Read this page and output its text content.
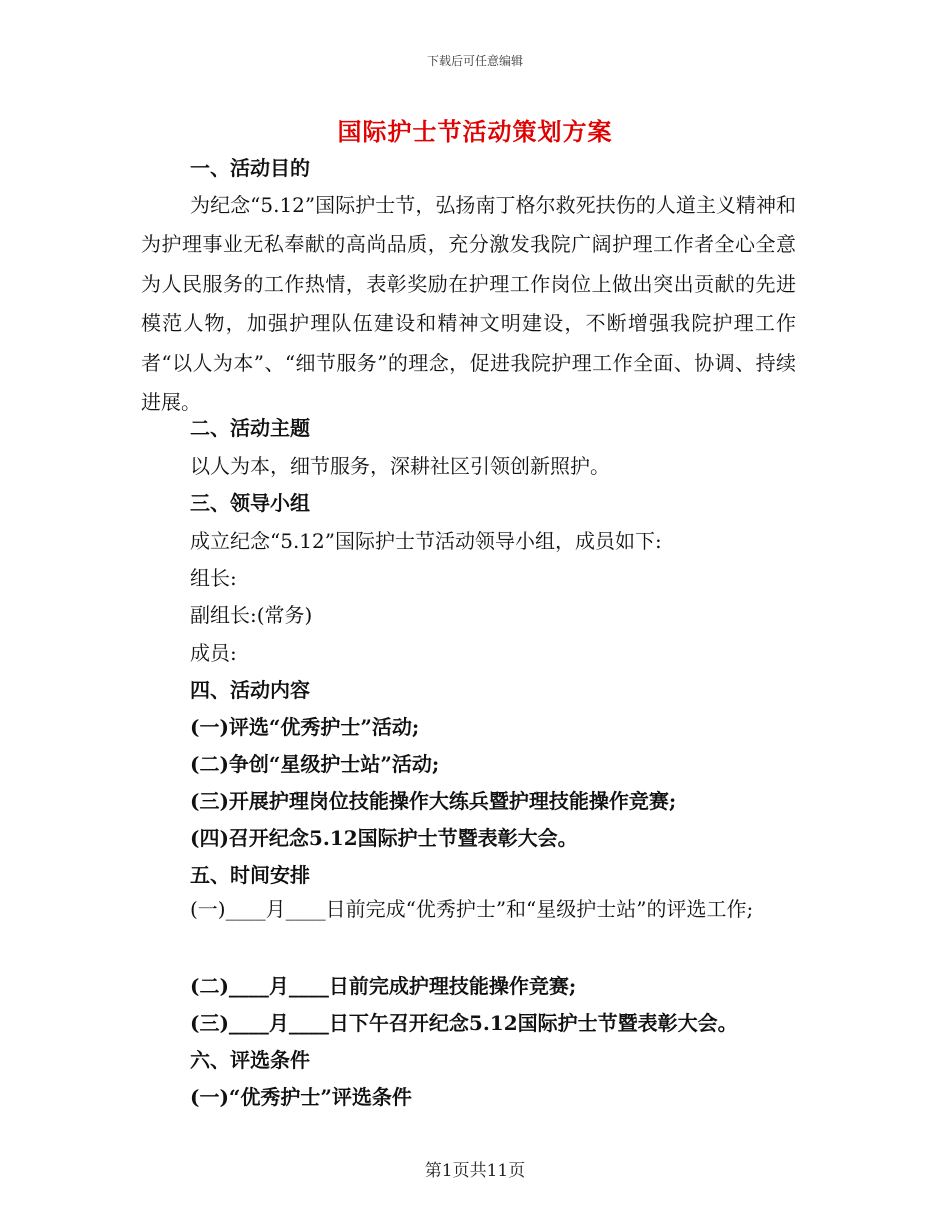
下载后可任意编辑
国际护士节活动策划方案
一、活动目的
为纪念“5.12”国际护士节，弘扬南丁格尔救死扶伤的人道主义精神和为护理事业无私奉献的高尚品质，充分激发我院广阔护理工作者全心全意为人民服务的工作热情，表彰奖励在护理工作岗位上做出突出贡献的先进模范人物，加强护理队伍建设和精神文明建设，不断增强我院护理工作者“以人为本”、“细节服务”的理念，促进我院护理工作全面、协调、持续进展。
二、活动主题
以人为本，细节服务，深耕社区引领创新照护。
三、领导小组
成立纪念“5.12”国际护士节活动领导小组，成员如下:
组长:
副组长:(常务)
成员:
四、活动内容
(一)评选“优秀护士”活动;
(二)争创“星级护士站”活动;
(三)开展护理岗位技能操作大练兵暨护理技能操作竞赛;
(四)召开纪念5.12国际护士节暨表彰大会。
五、时间安排
(一)____月____日前完成“优秀护士”和“星级护士站”的评选工作;
(二)____月____日前完成护理技能操作竞赛;
(三)____月____日下午召开纪念5.12国际护士节暨表彰大会。
六、评选条件
(一)“优秀护士”评选条件
第1页共11页
